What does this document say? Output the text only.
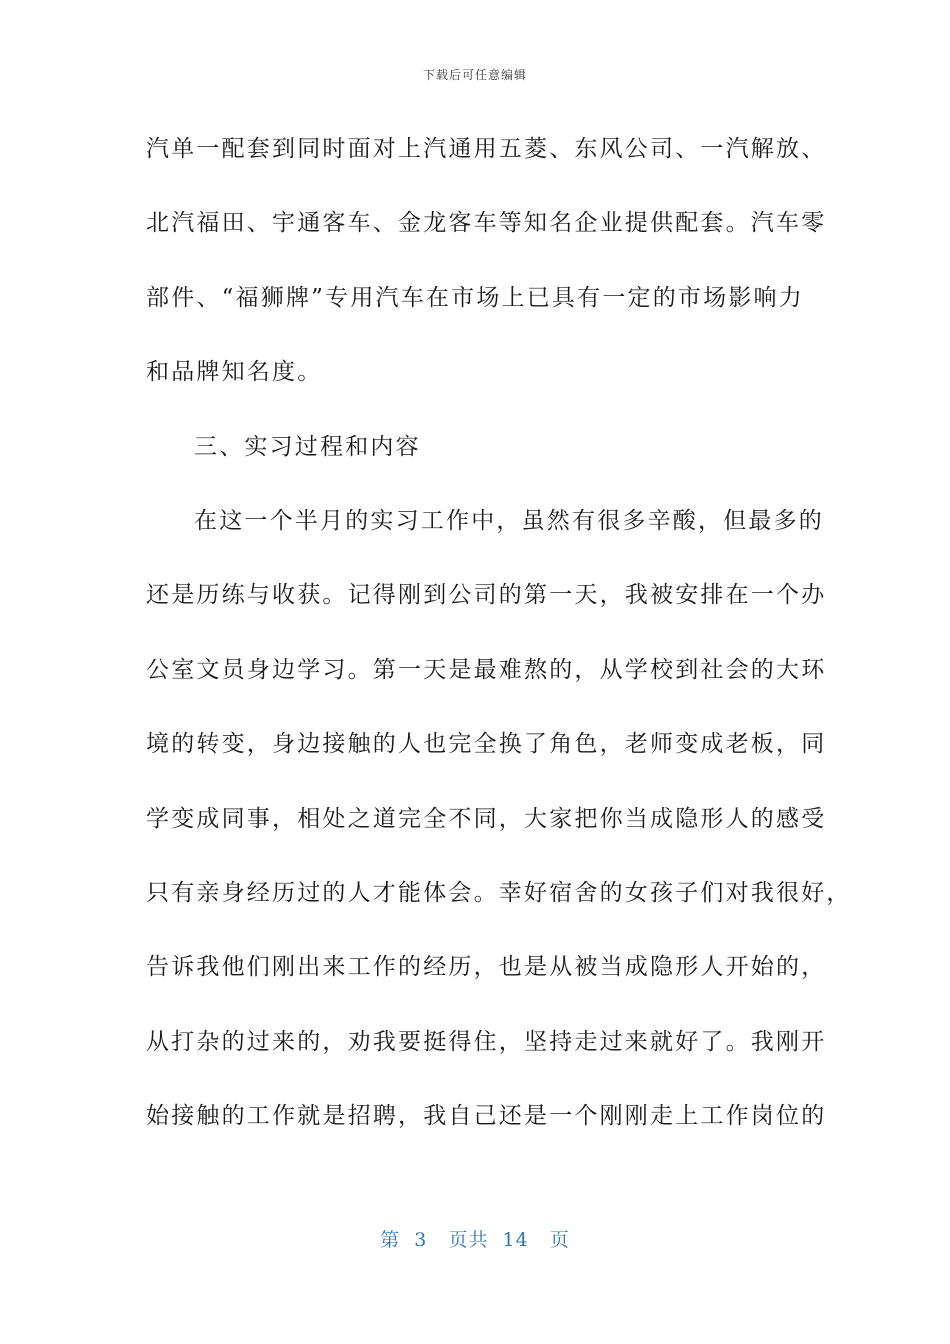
下载后可任意编辑
汽单一配套到同时面对上汽通用五菱、东风公司、一汽解放、
北汽福田、宇通客车、金龙客车等知名企业提供配套。汽车零
部件、“福狮牌”专用汽车在市场上已具有一定的市场影响力
和品牌知名度。
三、实习过程和内容
在这一个半月的实习工作中，虽然有很多辛酸，但最多的
还是历练与收获。记得刚到公司的第一天，我被安排在一个办
公室文员身边学习。第一天是最难熬的，从学校到社会的大环
境的转变，身边接触的人也完全换了角色，老师变成老板，同
学变成同事，相处之道完全不同，大家把你当成隐形人的感受
只有亲身经历过的人才能体会。幸好宿舍的女孩子们对我很好，
告诉我他们刚出来工作的经历，也是从被当成隐形人开始的，
从打杂的过来的，劝我要挺得住，坚持走过来就好了。我刚开
始接触的工作就是招聘，我自己还是一个刚刚走上工作岗位的
第 3 页共 14 页
